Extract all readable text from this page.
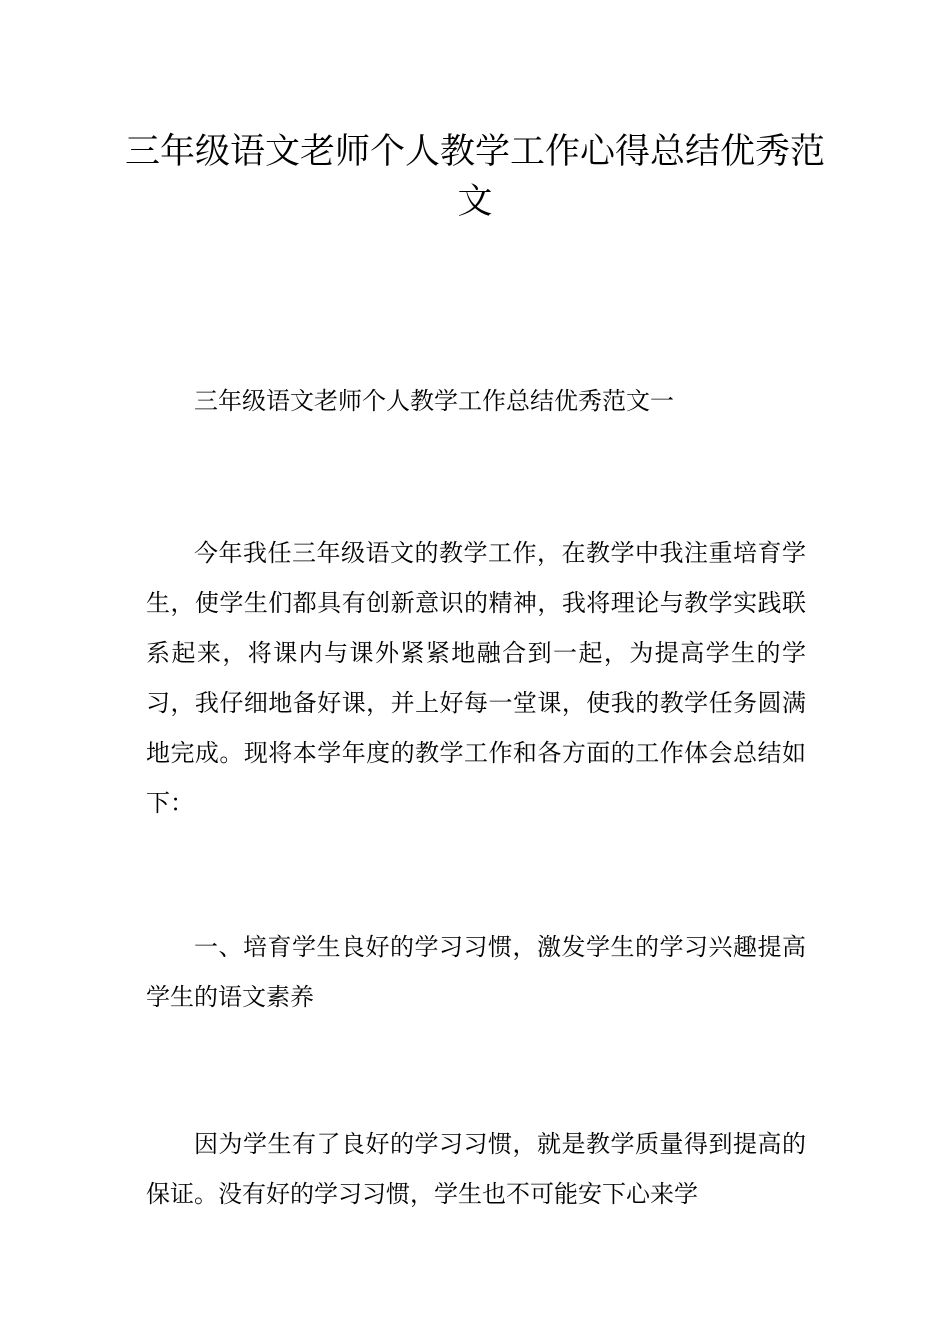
三年级语文老师个人教学工作心得总结优秀范文

三年级语文老师个人教学工作总结优秀范文一

今年我任三年级语文的教学工作，在教学中我注重培育学生，使学生们都具有创新意识的精神，我将理论与教学实践联系起来，将课内与课外紧紧地融合到一起，为提高学生的学习，我仔细地备好课，并上好每一堂课，使我的教学任务圆满地完成。现将本学年度的教学工作和各方面的工作体会总结如下：

一、培育学生良好的学习习惯，激发学生的学习兴趣提高学生的语文素养

因为学生有了良好的学习习惯，就是教学质量得到提高的保证。没有好的学习习惯，学生也不可能安下心来学
